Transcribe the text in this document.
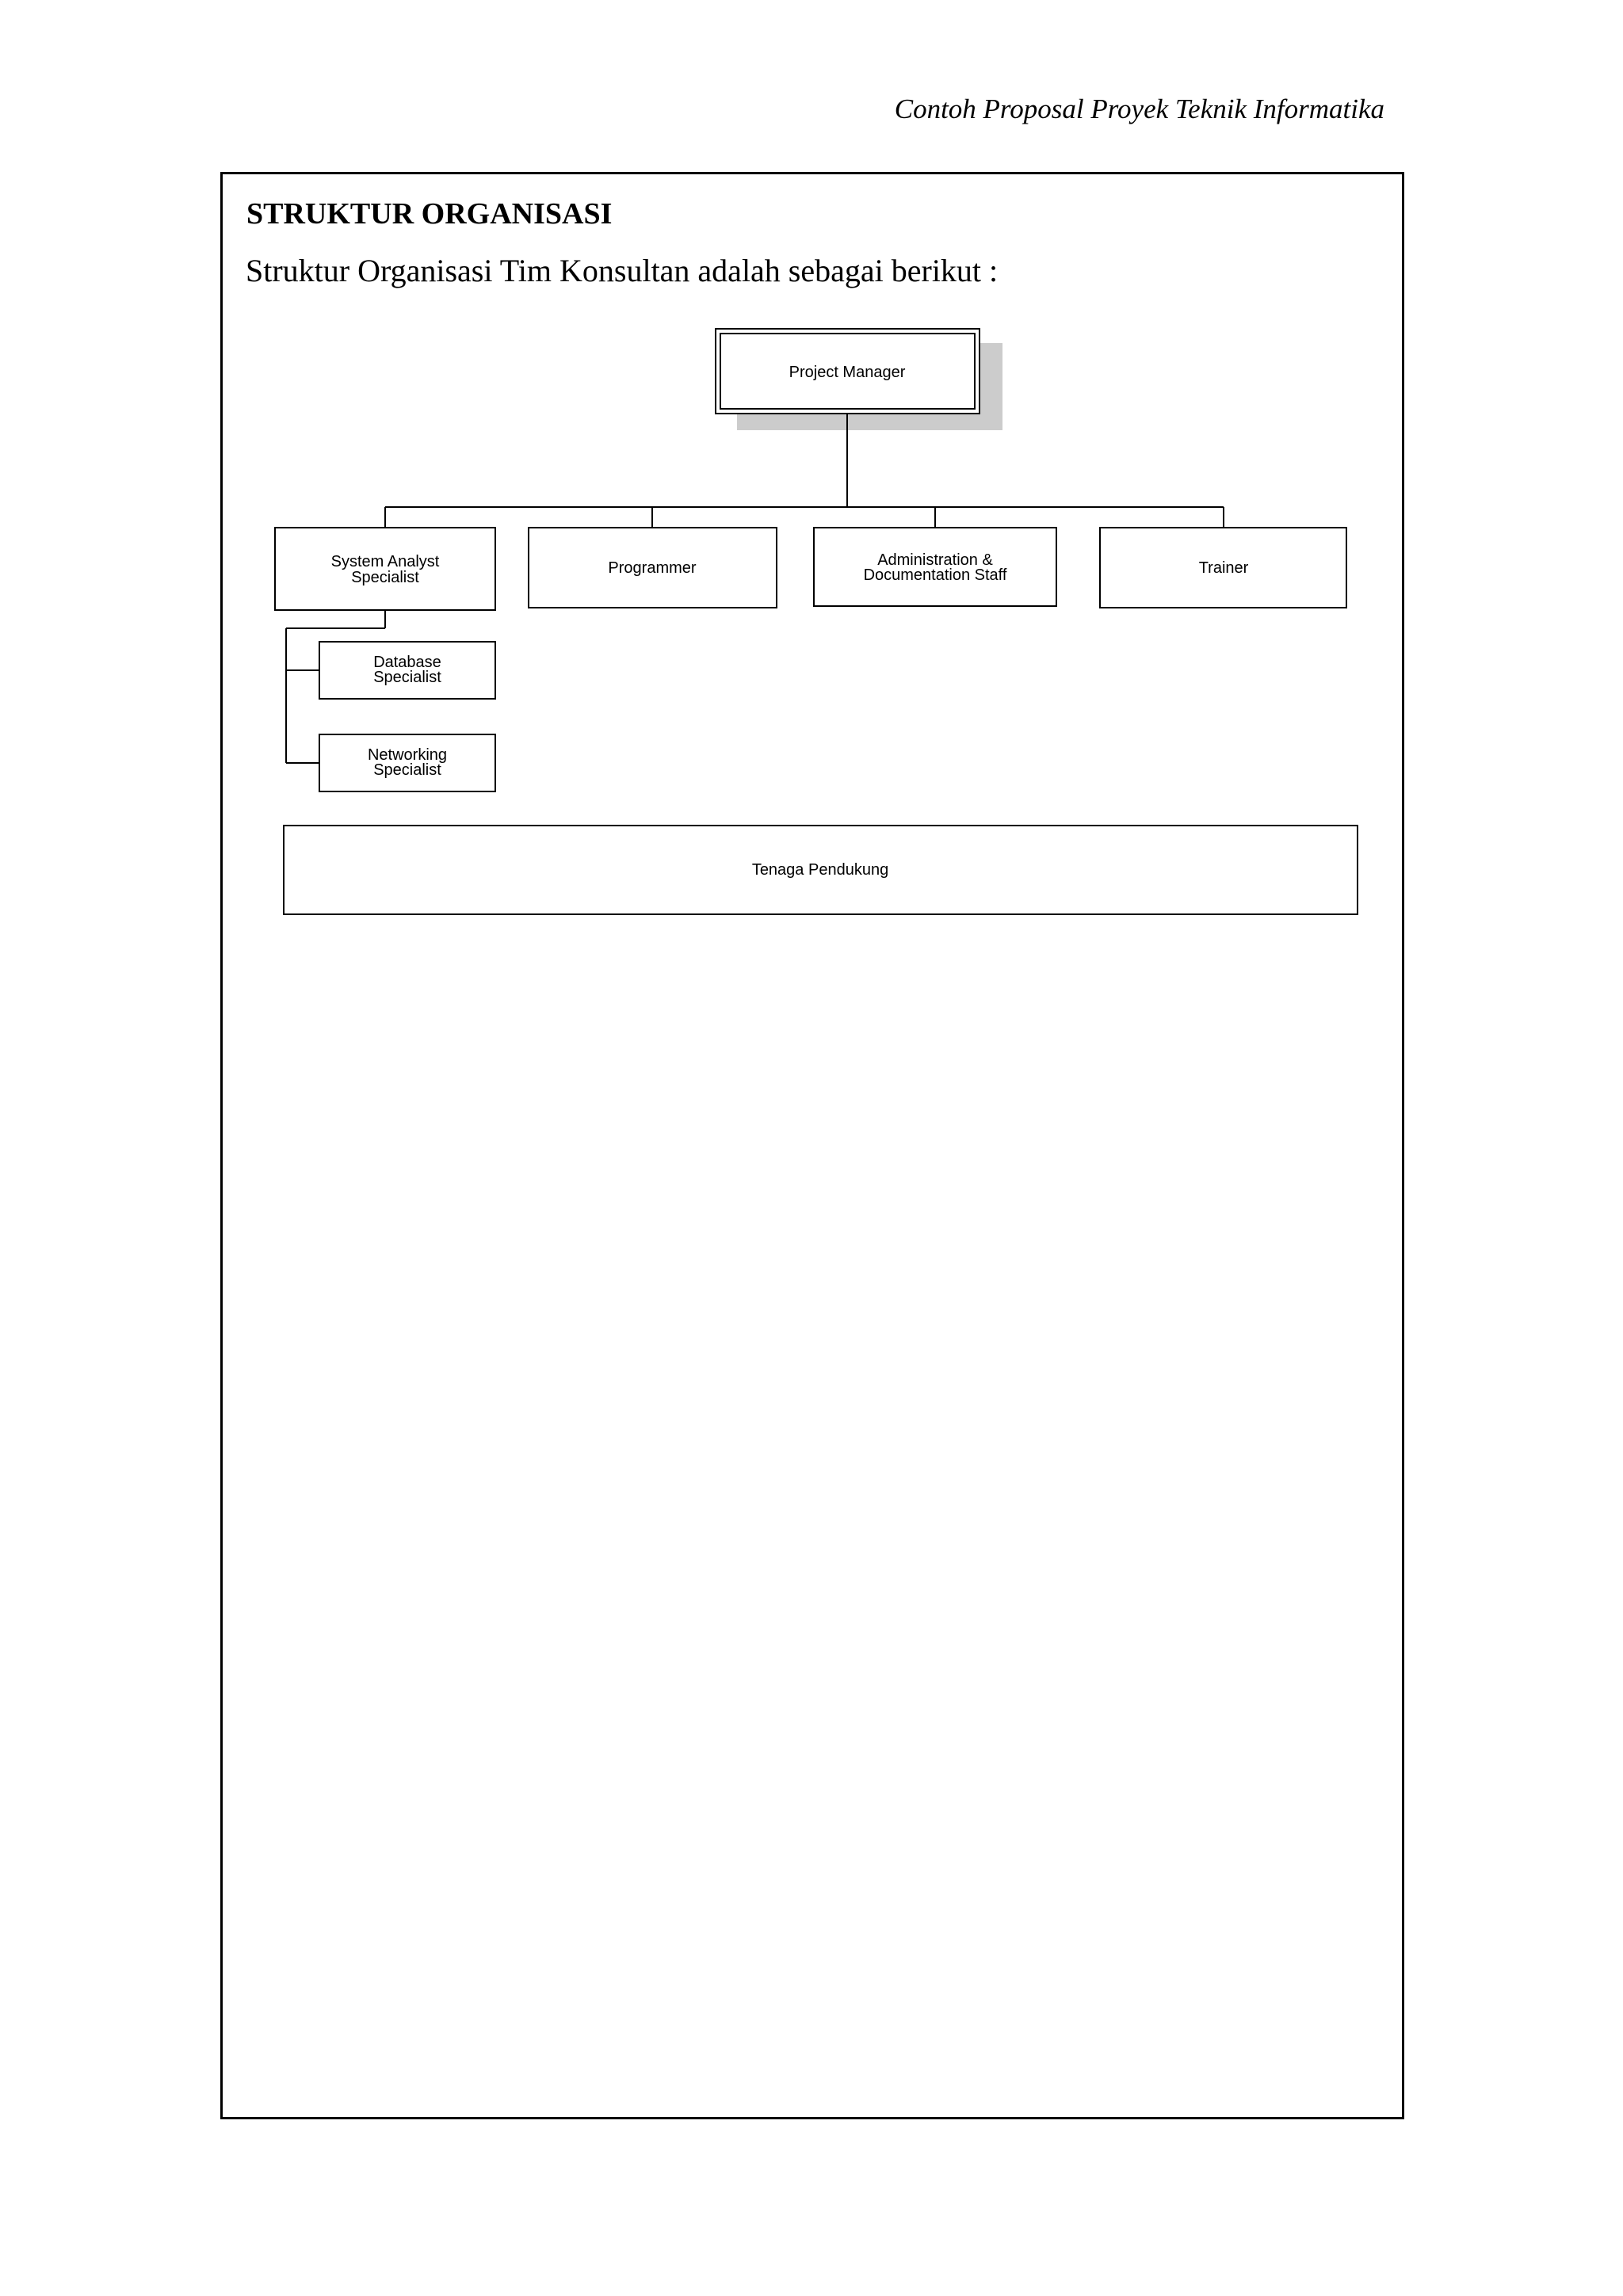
Contoh Proposal Proyek Teknik Informatika
STRUKTUR ORGANISASI
Struktur Organisasi Tim Konsultan adalah sebagai berikut :
Project Manager
System Analyst
Specialist
Programmer	Administration &
Documentation Staff	Trainer
Database
Specialist
Networking
Specialist
Tenaga Pendukung
